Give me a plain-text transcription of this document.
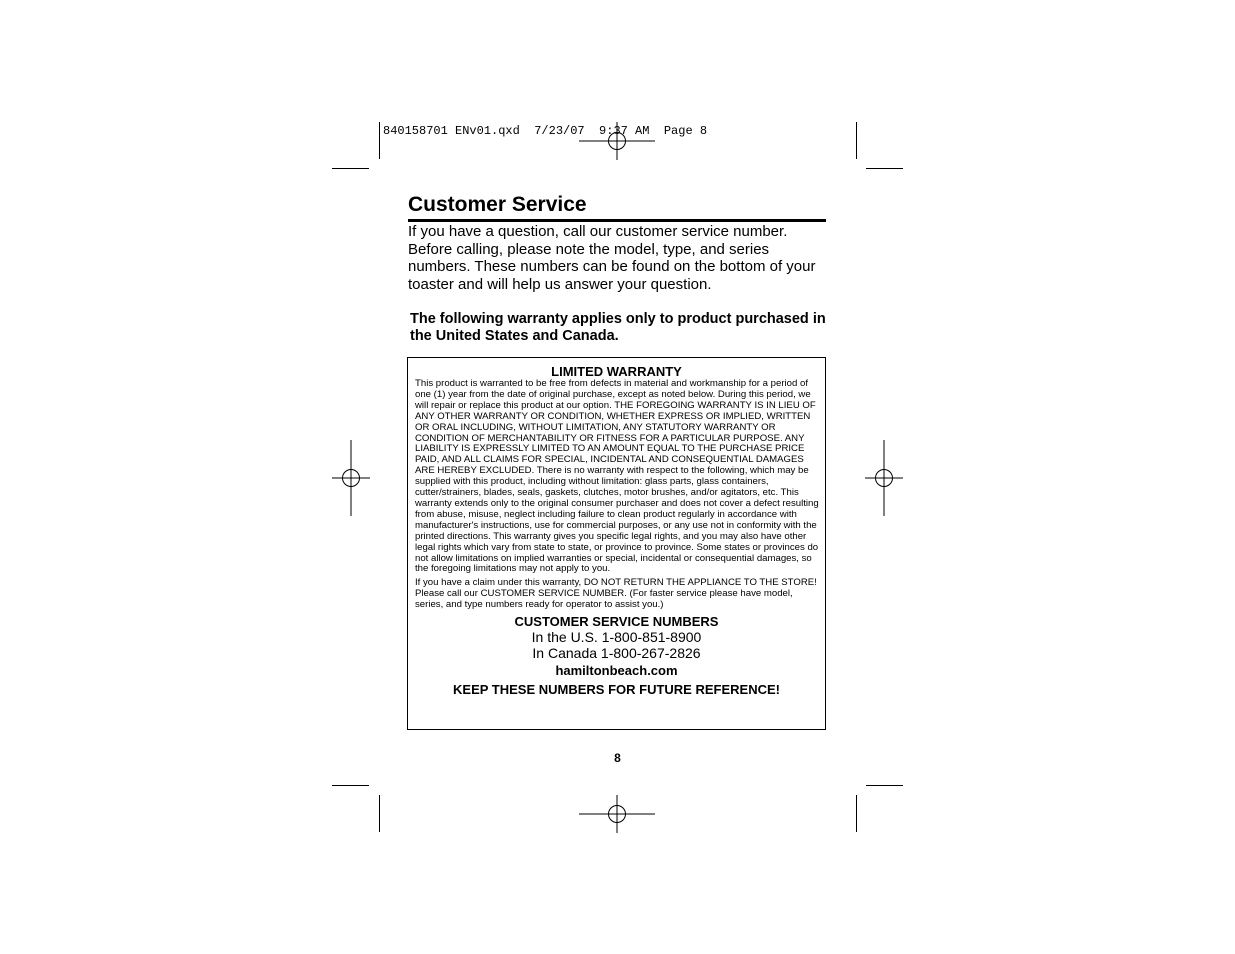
840158701 ENv01.qxd  7/23/07  9:37 AM  Page 8
Customer Service

If you have a question, call our customer service number. Before calling, please note the model, type, and series numbers. These numbers can be found on the bottom of your toaster and will help us answer your question.

The following warranty applies only to product purchased in the United States and Canada.
LIMITED WARRANTY

This product is warranted to be free from defects in material and workmanship for a period of one (1) year from the date of original purchase, except as noted below. During this period, we will repair or replace this product at our option. THE FOREGOING WARRANTY IS IN LIEU OF ANY OTHER WARRANTY OR CONDITION, WHETHER EXPRESS OR IMPLIED, WRITTEN OR ORAL INCLUDING, WITHOUT LIMITATION, ANY STATUTORY WARRANTY OR CONDITION OF MERCHANTABILITY OR FITNESS FOR A PARTICULAR PURPOSE. ANY LIABILITY IS EXPRESSLY LIMITED TO AN AMOUNT EQUAL TO THE PURCHASE PRICE PAID, AND ALL CLAIMS FOR SPECIAL, INCIDENTAL AND CONSEQUENTIAL DAMAGES ARE HEREBY EXCLUDED. There is no warranty with respect to the following, which may be supplied with this product, including without limitation: glass parts, glass containers, cutter/strainers, blades, seals, gaskets, clutches, motor brushes, and/or agitators, etc. This warranty extends only to the original consumer purchaser and does not cover a defect resulting from abuse, misuse, neglect including failure to clean product regularly in accordance with manufacturer's instructions, use for commercial purposes, or any use not in conformity with the printed directions. This warranty gives you specific legal rights, and you may also have other legal rights which vary from state to state, or province to province. Some states or provinces do not allow limitations on implied warranties or special, incidental or consequential damages, so the foregoing limitations may not apply to you.

If you have a claim under this warranty, DO NOT RETURN THE APPLIANCE TO THE STORE! Please call our CUSTOMER SERVICE NUMBER. (For faster service please have model, series, and type numbers ready for operator to assist you.)

CUSTOMER SERVICE NUMBERS
In the U.S. 1-800-851-8900
In Canada 1-800-267-2826
hamiltonbeach.com
KEEP THESE NUMBERS FOR FUTURE REFERENCE!
8
